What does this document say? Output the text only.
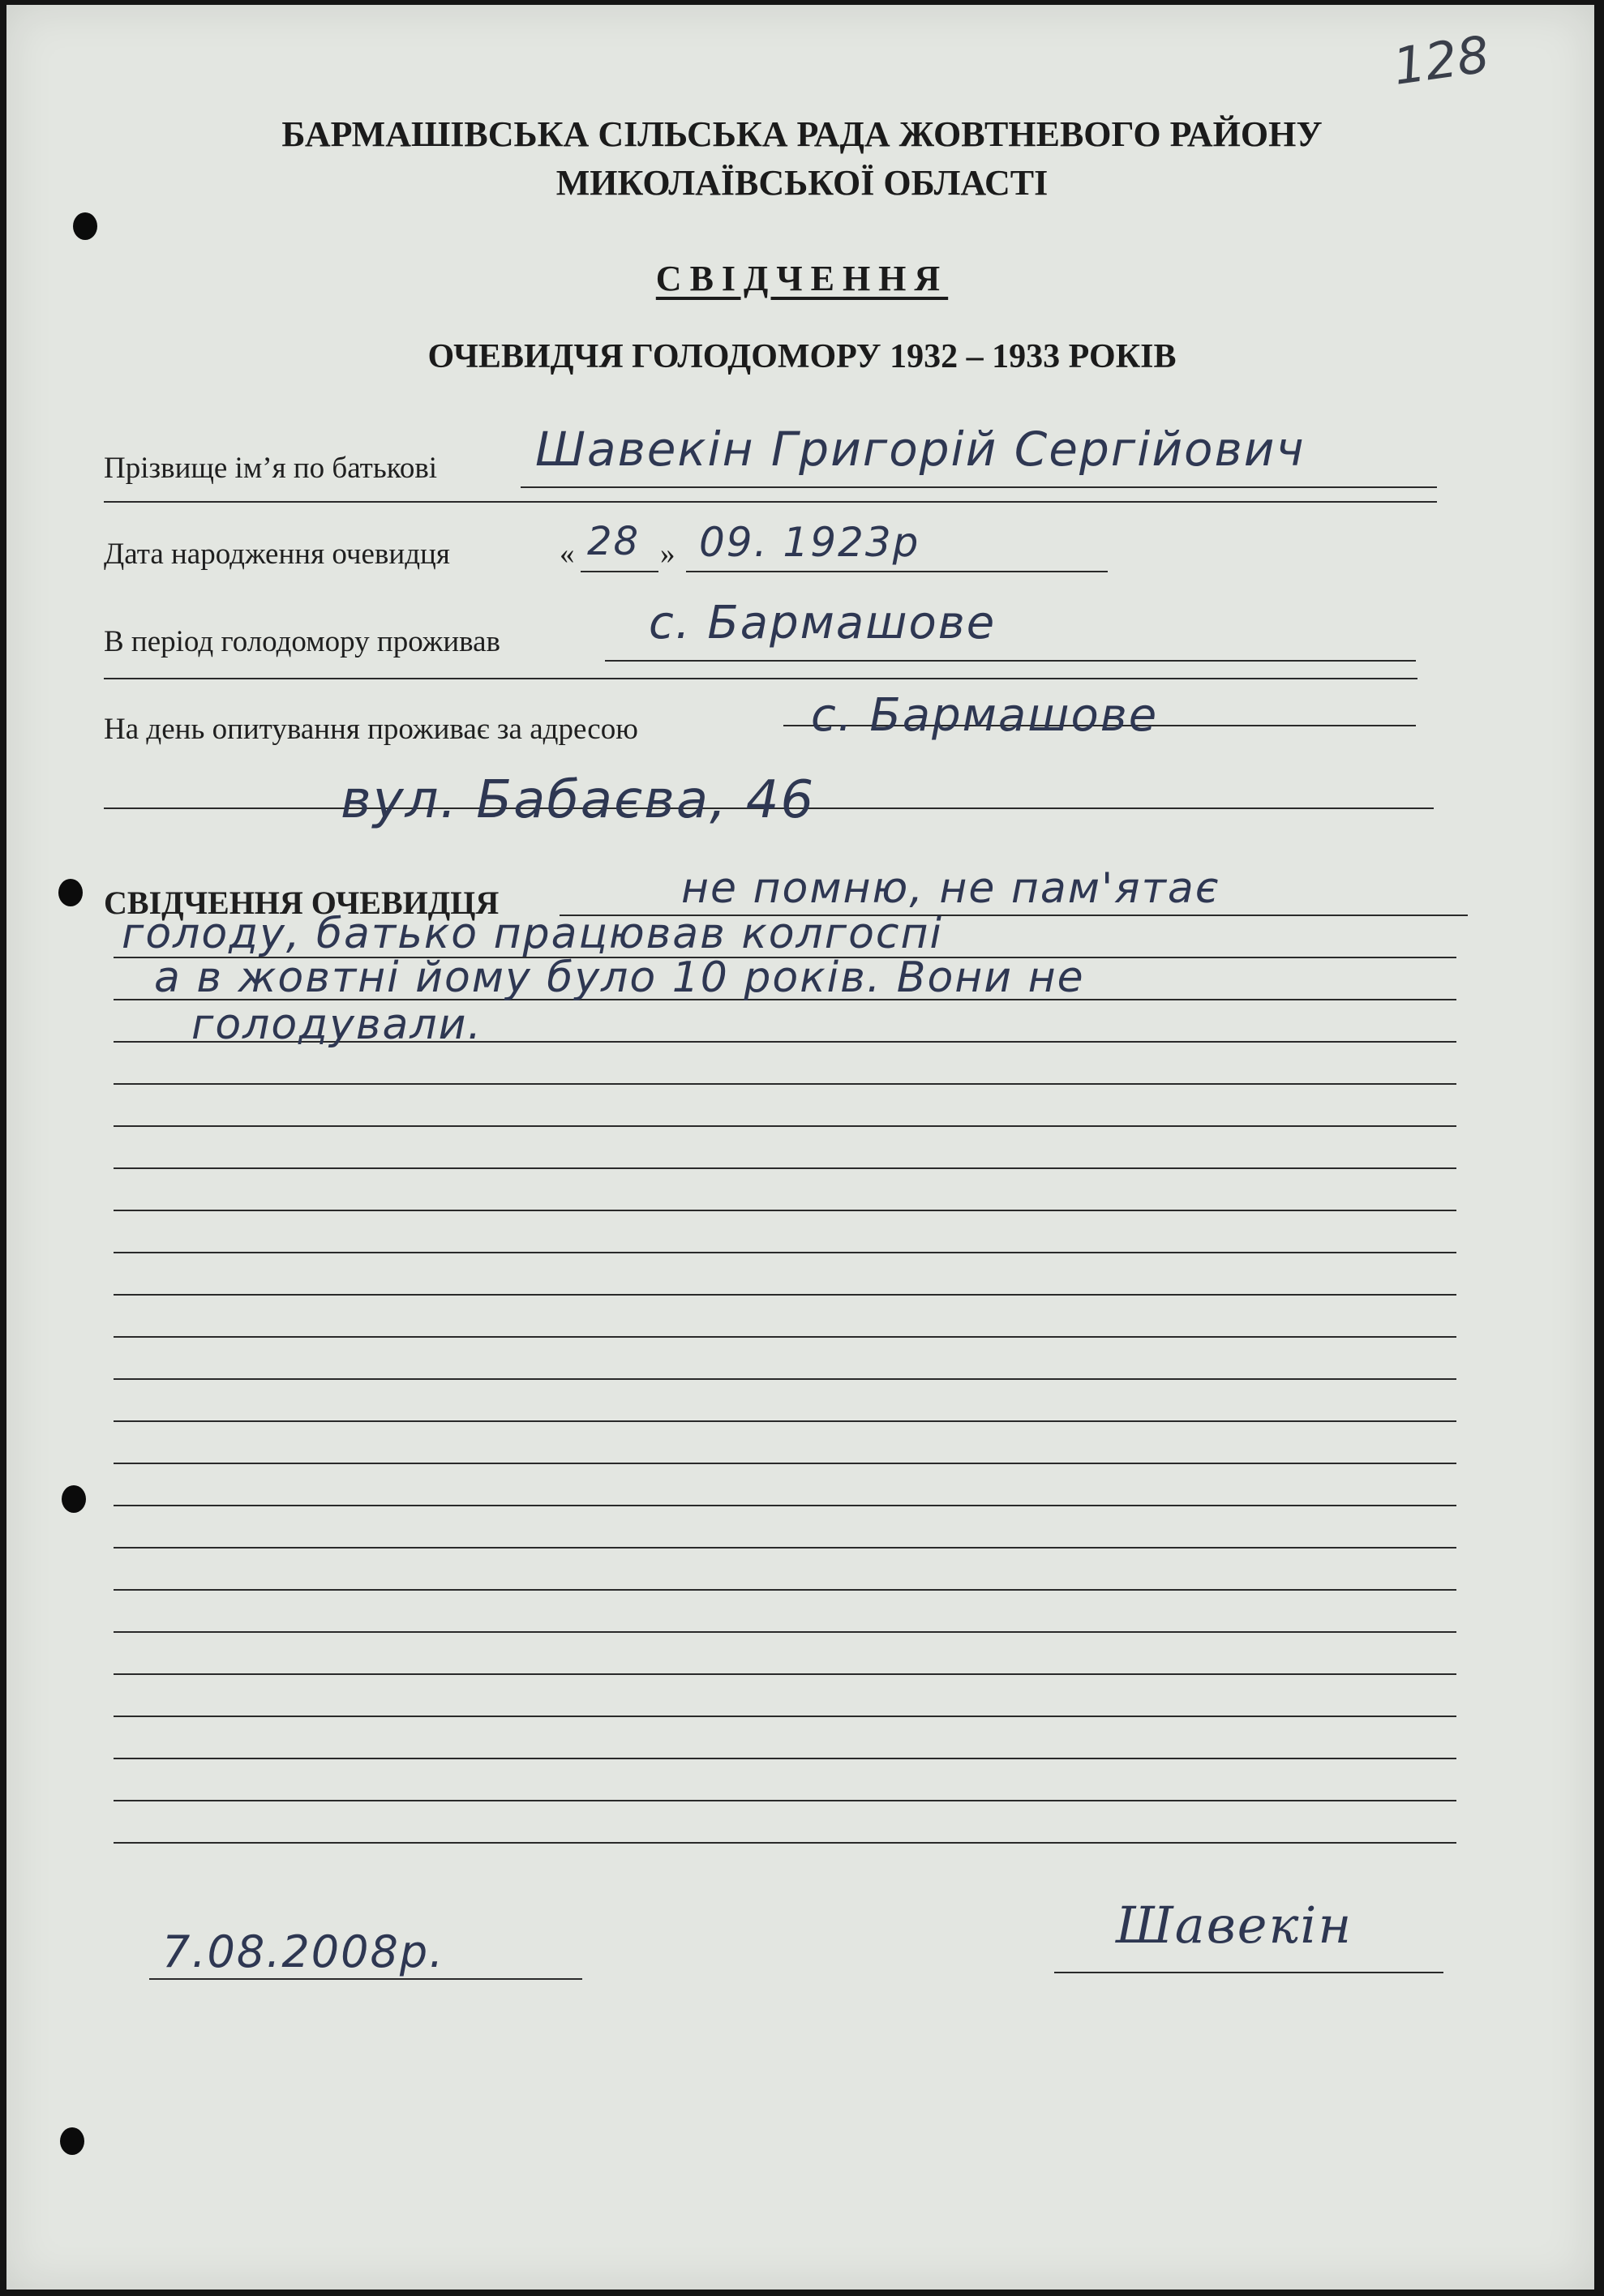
128
БАРМАШІВСЬКА СІЛЬСЬКА РАДА ЖОВТНЕВОГО РАЙОНУ
МИКОЛАЇВСЬКОЇ ОБЛАСТІ
СВІДЧЕННЯ
ОЧЕВИДЧЯ ГОЛОДОМОРУ 1932 – 1933 РОКІВ
Прізвище ім’я по батькові Шавекін Григорій Сергійович
Дата народження очевидця	« 28 » 09. 1923р
В період голодомору проживав	с. Бармашове
На день опитування проживає за адресою	с. Бармашове
вул. Бабаєва, 46
СВІДЧЕННЯ ОЧЕВИДЦЯ	не помню, не пам'ятає
голоду, батько працював колгоспі
а в жовтні йому було 10 років. Вони не
голодували.
7.08.2008р.	Шавекін
